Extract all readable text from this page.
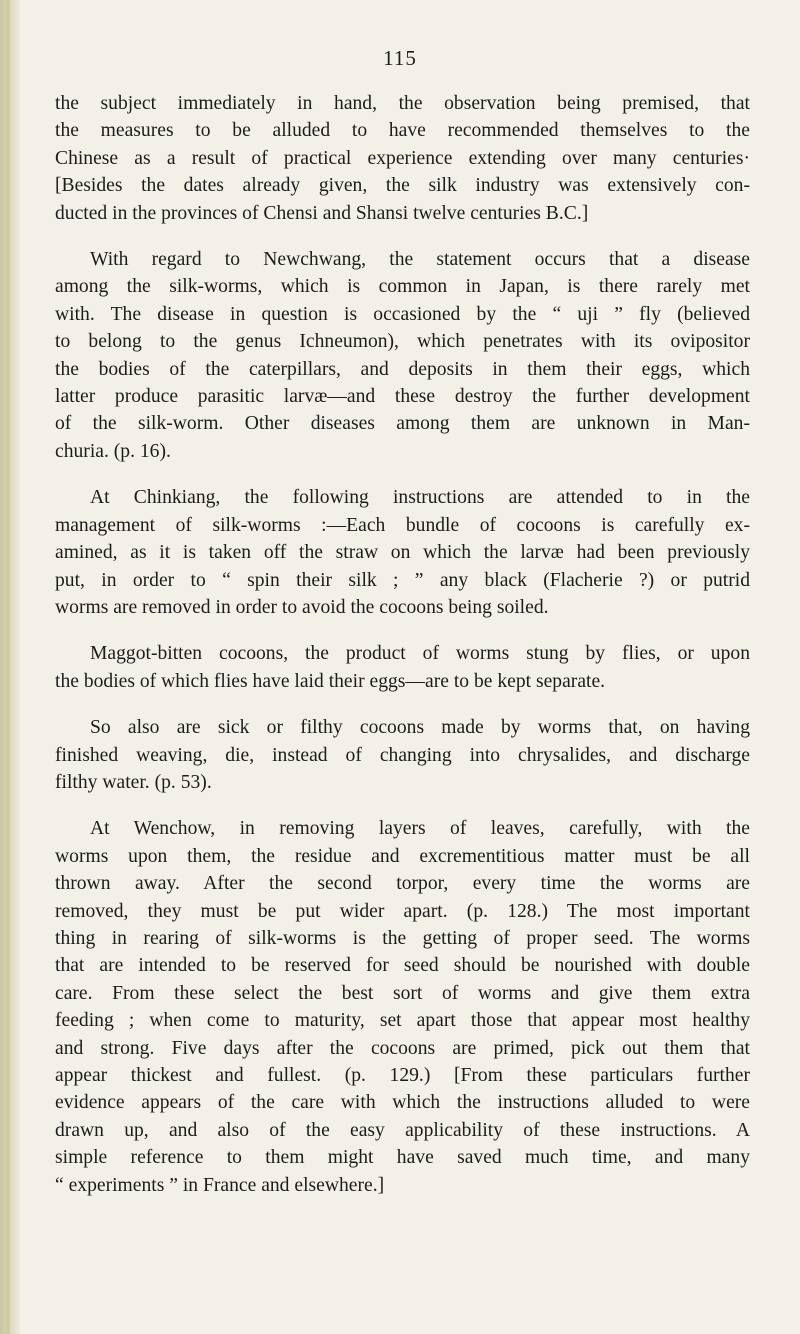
115

the subject immediately in hand, the observation being premised, that
the measures to be alluded to have recommended themselves to the
Chinese as a result of practical experience extending over many centuries·
[Besides the dates already given, the silk industry was extensively con-
ducted in the provinces of Chensi and Shansi twelve centuries B.C.]

With regard to Newchwang, the statement occurs that a disease
among the silk-worms, which is common in Japan, is there rarely met
with. The disease in question is occasioned by the “ uji ” fly (believed
to belong to the genus Ichneumon), which penetrates with its ovipositor
the bodies of the caterpillars, and deposits in them their eggs, which
latter produce parasitic larvæ—and these destroy the further development
of the silk-worm. Other diseases among them are unknown in Man-
churia. (p. 16).

At Chinkiang, the following instructions are attended to in the
management of silk-worms :—Each bundle of cocoons is carefully ex-
amined, as it is taken off the straw on which the larvæ had been previously
put, in order to “ spin their silk ; ” any black (Flacherie ?) or putrid
worms are removed in order to avoid the cocoons being soiled.

Maggot-bitten cocoons, the product of worms stung by flies, or upon
the bodies of which flies have laid their eggs—are to be kept separate.

So also are sick or filthy cocoons made by worms that, on having
finished weaving, die, instead of changing into chrysalides, and discharge
filthy water. (p. 53).

At Wenchow, in removing layers of leaves, carefully, with the
worms upon them, the residue and excrementitious matter must be all
thrown away. After the second torpor, every time the worms are
removed, they must be put wider apart. (p. 128.) The most important
thing in rearing of silk-worms is the getting of proper seed. The worms
that are intended to be reserved for seed should be nourished with double
care. From these select the best sort of worms and give them extra
feeding ; when come to maturity, set apart those that appear most healthy
and strong. Five days after the cocoons are primed, pick out them that
appear thickest and fullest. (p. 129.) [From these particulars further
evidence appears of the care with which the instructions alluded to were
drawn up, and also of the easy applicability of these instructions. A
simple reference to them might have saved much time, and many
“ experiments ” in France and elsewhere.]
